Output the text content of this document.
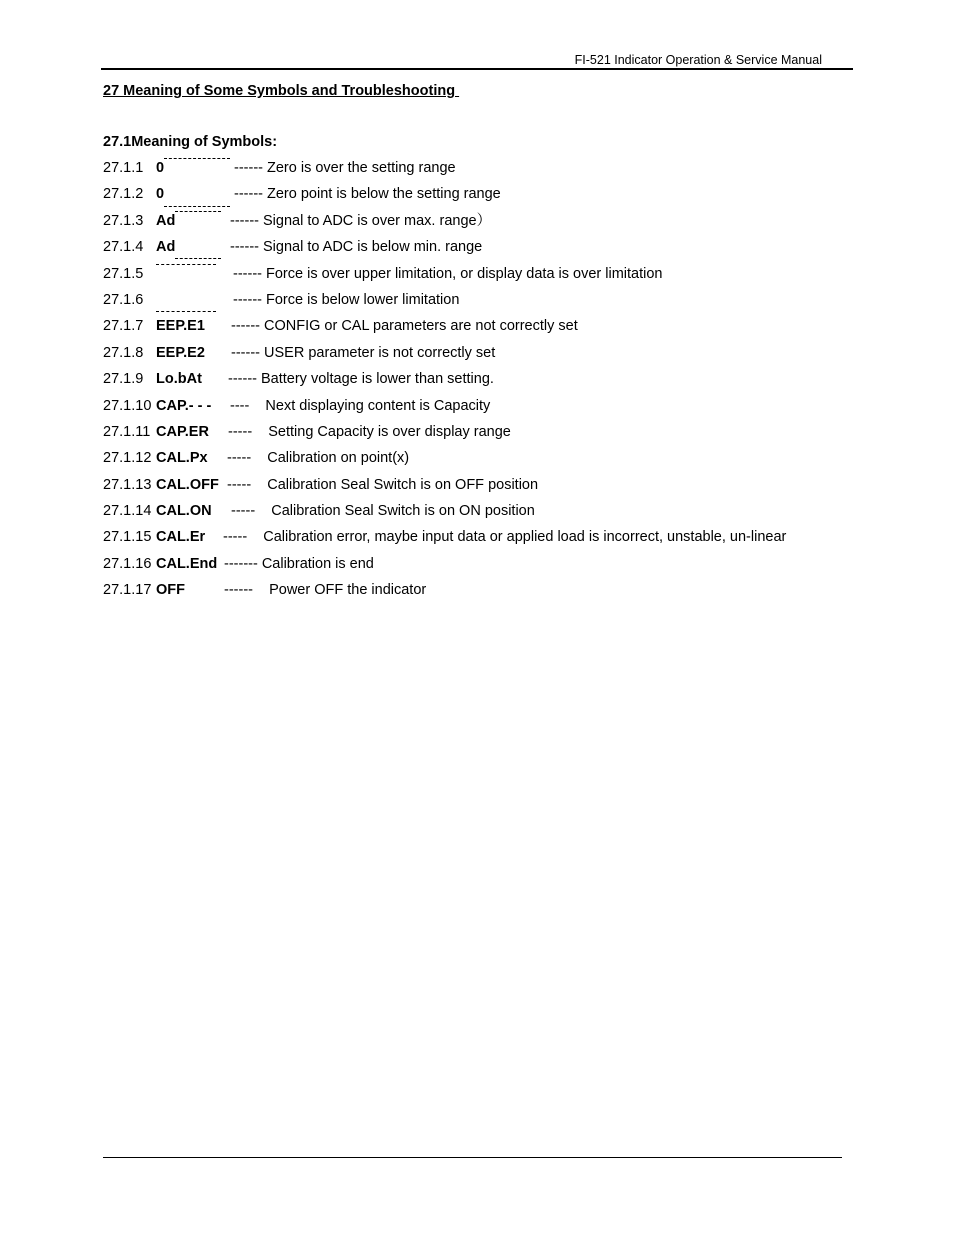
FI-521 Indicator Operation & Service Manual
27 Meaning of Some Symbols and Troubleshooting
27.1Meaning of Symbols:
27.1.1 0	------ Zero is over the setting range
27.1.2 0	------ Zero point is below the setting range
27.1.3 Ad	------ Signal to ADC is over max. range）
27.1.4 Ad	------ Signal to ADC is below min. range
27.1.5	------ Force is over upper limitation, or display data is over limitation
27.1.6	------ Force is below lower limitation
27.1.7 EEP.E1 ------ CONFIG or CAL parameters are not correctly set
27.1.8 EEP.E2 ------ USER parameter is not correctly set
27.1.9 Lo.bAt ------ Battery voltage is lower than setting.
27.1.10 CAP.- - - ----    Next displaying content is Capacity
27.1.11 CAP.ER -----    Setting Capacity is over display range
27.1.12 CAL.Px -----    Calibration on point(x)
27.1.13 CAL.OFF -----    Calibration Seal Switch is on OFF position
27.1.14 CAL.ON -----    Calibration Seal Switch is on ON position
27.1.15 CAL.Er -----    Calibration error, maybe input data or applied load is incorrect, unstable, un-linear
27.1.16 CAL.End ------- Calibration is end
27.1.17 OFF	------    Power OFF the indicator
